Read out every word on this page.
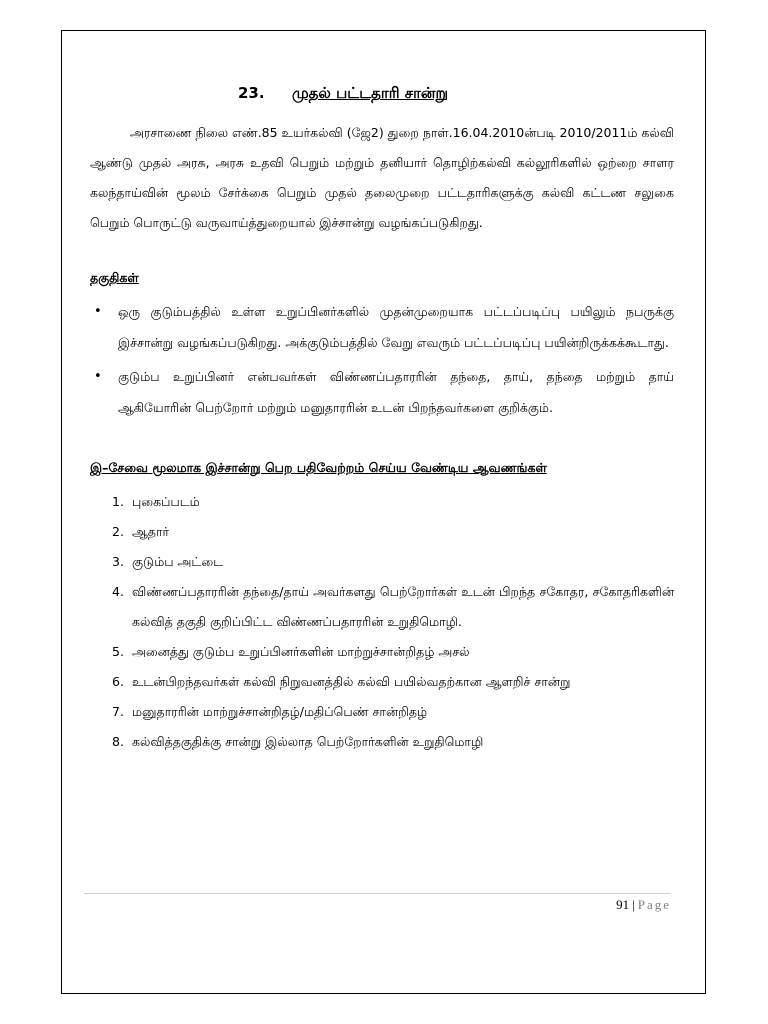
23. முதல் பட்டதாரி சான்று

அரசாணை நிலை எண்.85 உயர்கல்வி (ஜே2) துறை நாள்.16.04.2010ன்படி 2010/2011ம் கல்வி ஆண்டு முதல் அரசு, அரசு உதவி பெறும் மற்றும் தனியார் தொழிற்கல்வி கல்லூரிகளில் ஒற்றை சாளர கலந்தாய்வின் மூலம் சேர்க்கை பெறும் முதல் தலைமுறை பட்டதாரிகளுக்கு கல்வி கட்டண சலுகை பெறும் பொருட்டு வருவாய்த்துறையால் இச்சான்று வழங்கப்படுகிறது.

தகுதிகள்
• ஒரு குடும்பத்தில் உள்ள உறுப்பினர்களில் முதன்முறையாக பட்டப்படிப்பு பயிலும் நபருக்கு இச்சான்று வழங்கப்படுகிறது. அக்குடும்பத்தில் வேறு எவரும் பட்டப்படிப்பு பயின்றிருக்கக்கூடாது.
• குடும்ப உறுப்பினர் என்பவர்கள் விண்ணப்பதாரரின் தந்தை, தாய், தந்தை மற்றும் தாய் ஆகியோரின் பெற்றோர் மற்றும் மனுதாரரின் உடன் பிறந்தவர்களை குறிக்கும்.
இ–சேவை மூலமாக இச்சான்று பெற பதிவேற்றம் செய்ய வேண்டிய ஆவணங்கள்
1. புகைப்படம்
2. ஆதார்
3. குடும்ப அட்டை
4. விண்ணப்பதாரரின் தந்தை/தாய் அவர்களது பெற்றோர்கள் உடன் பிறந்த சகோதர, சகோதரிகளின் கல்வித் தகுதி குறிப்பிட்ட விண்ணப்பதாரரின் உறுதிமொழி.
5. அனைத்து குடும்ப உறுப்பினர்களின் மாற்றுச்சான்றிதழ் அசல்
6. உடன்பிறந்தவர்கள் கல்வி நிறுவனத்தில் கல்வி பயில்வதற்கான ஆளறிச் சான்று
7. மனுதாரரின் மாற்றுச்சான்றிதழ்/மதிப்பெண் சான்றிதழ்
8. கல்வித்தகுதிக்கு சான்று இல்லாத பெற்றோர்களின் உறுதிமொழி
91 | Page
